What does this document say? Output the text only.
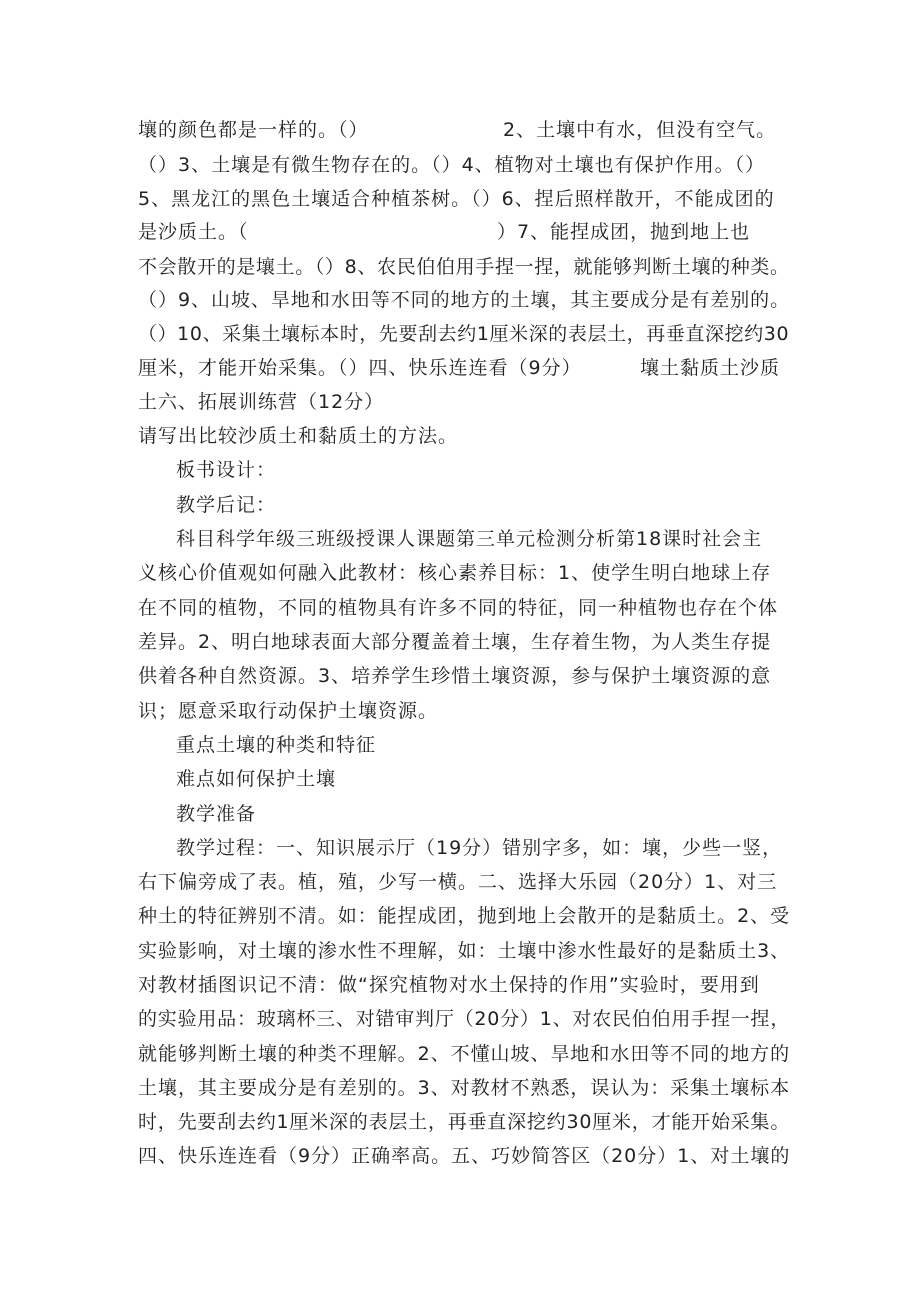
壤的颜色都是一样的。（）	2、土壤中有水，但没有空气。
（）3、土壤是有微生物存在的。（）4、植物对土壤也有保护作用。（）
5、黑龙江的黑色土壤适合种植茶树。（）6、捏后照样散开，不能成团的
是沙质土。（	）7、能捏成团，抛到地上也
不会散开的是壤土。（）8、农民伯伯用手捏一捏，就能够判断土壤的种类。
（）9、山坡、旱地和水田等不同的地方的土壤，其主要成分是有差别的。
（）10、采集土壤标本时，先要刮去约1厘米深的表层土，再垂直深挖约30
厘米，才能开始采集。（）四、快乐连连看（9分）	壤土黏质土沙质
土六、拓展训练营（12分）
请写出比较沙质土和黏质土的方法。
板书设计：
教学后记：
科目科学年级三班级授课人课题第三单元检测分析第18课时社会主
义核心价值观如何融入此教材：核心素养目标：1、使学生明白地球上存
在不同的植物，不同的植物具有许多不同的特征，同一种植物也存在个体
差异。2、明白地球表面大部分覆盖着土壤，生存着生物，为人类生存提
供着各种自然资源。3、培养学生珍惜土壤资源，参与保护土壤资源的意
识；愿意采取行动保护土壤资源。
重点土壤的种类和特征
难点如何保护土壤
教学准备
教学过程：一、知识展示厅（19分）错别字多，如：壤，少些一竖，
右下偏旁成了表。植，殖，少写一横。二、选择大乐园（20分）1、对三
种土的特征辨别不清。如：能捏成团，抛到地上会散开的是黏质土。2、受
实验影响，对土壤的渗水性不理解，如：土壤中渗水性最好的是黏质土3、
对教材插图识记不清：做“探究植物对水土保持的作用”实验时，要用到
的实验用品：玻璃杯三、对错审判厅（20分）1、对农民伯伯用手捏一捏，
就能够判断土壤的种类不理解。2、不懂山坡、旱地和水田等不同的地方的
土壤，其主要成分是有差别的。3、对教材不熟悉，误认为：采集土壤标本
时，先要刮去约1厘米深的表层土，再垂直深挖约30厘米，才能开始采集。
四、快乐连连看（9分）正确率高。五、巧妙简答区（20分）1、对土壤的
